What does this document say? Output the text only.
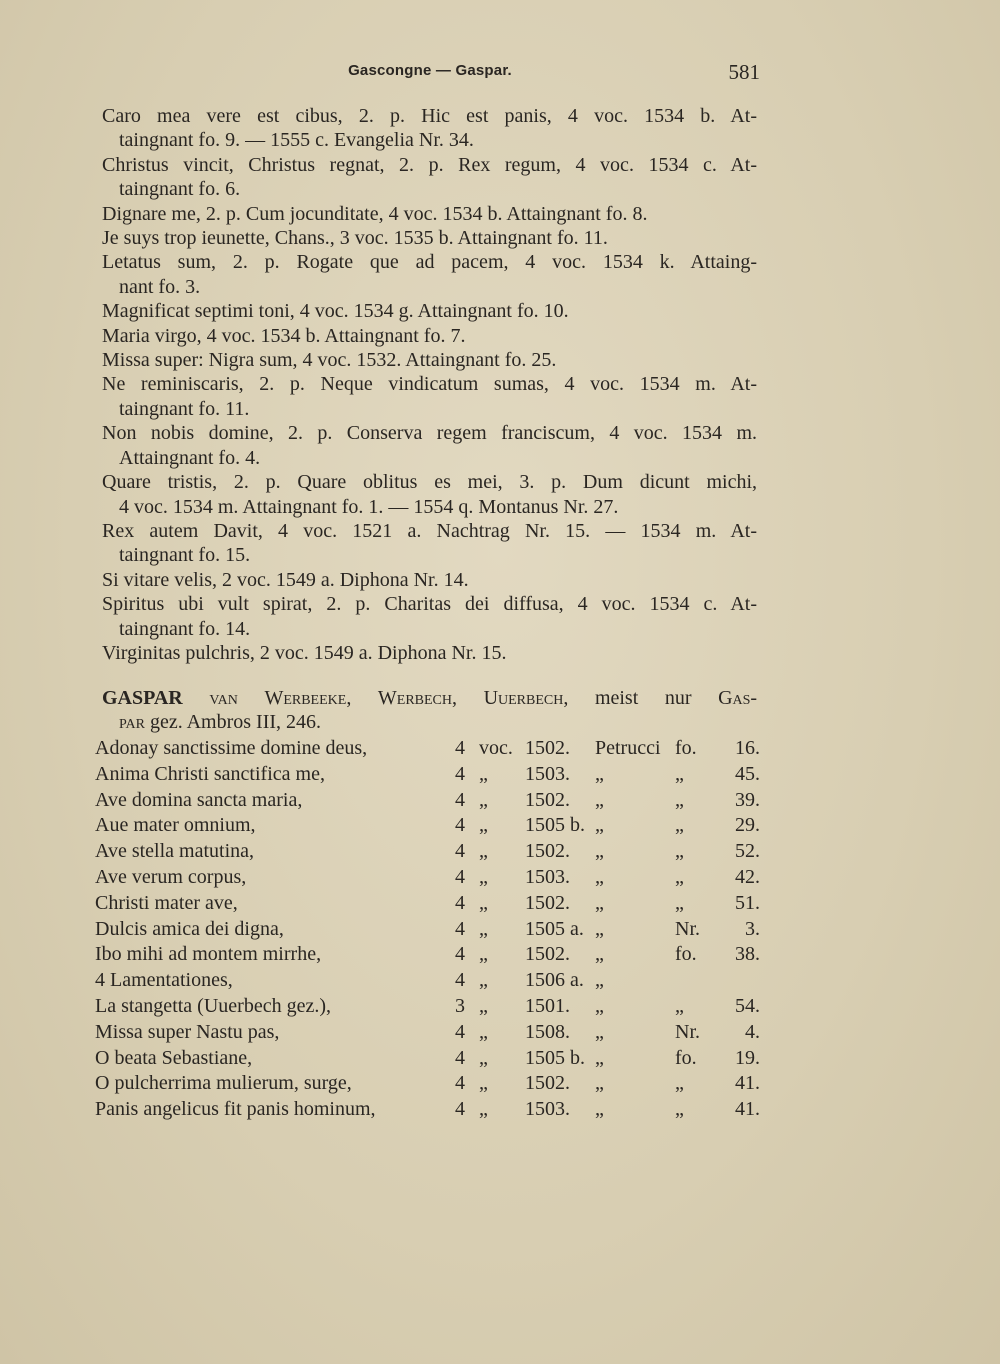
Gascongne — Gaspar.	581
Caro mea vere est cibus, 2. p. Hic est panis, 4 voc. 1534 b. At-
taingnant fo. 9. — 1555 c. Evangelia Nr. 34.
Christus vincit, Christus regnat, 2. p. Rex regum, 4 voc. 1534 c. At-
taingnant fo. 6.
Dignare me, 2. p. Cum jocunditate, 4 voc. 1534 b. Attaingnant fo. 8.
Je suys trop ieunette, Chans., 3 voc. 1535 b. Attaingnant fo. 11.
Letatus sum, 2. p. Rogate que ad pacem, 4 voc. 1534 k. Attaing-
nant fo. 3.
Magnificat septimi toni, 4 voc. 1534 g. Attaingnant fo. 10.
Maria virgo, 4 voc. 1534 b. Attaingnant fo. 7.
Missa super: Nigra sum, 4 voc. 1532. Attaingnant fo. 25.
Ne reminiscaris, 2. p. Neque vindicatum sumas, 4 voc. 1534 m. At-
taingnant fo. 11.
Non nobis domine, 2. p. Conserva regem franciscum, 4 voc. 1534 m.
Attaingnant fo. 4.
Quare tristis, 2. p. Quare oblitus es mei, 3. p. Dum dicunt michi,
4 voc. 1534 m. Attaingnant fo. 1. — 1554 q. Montanus Nr. 27.
Rex autem Davit, 4 voc. 1521 a. Nachtrag Nr. 15. — 1534 m. At-
taingnant fo. 15.
Si vitare velis, 2 voc. 1549 a. Diphona Nr. 14.
Spiritus ubi vult spirat, 2. p. Charitas dei diffusa, 4 voc. 1534 c. At-
taingnant fo. 14.
Virginitas pulchris, 2 voc. 1549 a. Diphona Nr. 15.
GASPAR van Werbeeke, Werbech, Uuerbech, meist nur Gas-
par gez. Ambros III, 246.
Adonay sanctissime domine deus,	4 voc. 1502. Petrucci fo. 16.
Anima Christi sanctifica me,	4 „ 1503. „	„	45.
Ave domina sancta maria,	4 „ 1502. „	„	39.
Aue mater omnium,	4 „ 1505 b. „	„	29.
Ave stella matutina,	4 „ 1502. „	„	52.
Ave verum corpus,	4 „ 1503. „	„	42.
Christi mater ave,	4 „ 1502. „	„	51.
Dulcis amica dei digna,	4 „ 1505 a. „	Nr. 3.
Ibo mihi ad montem mirrhe,	4 „ 1502. „	fo. 38.
4 Lamentationes,	4 „ 1506 a. „
La stangetta (Uuerbech gez.),	3 „ 1501. „	„	54.
Missa super Nastu pas,	4 „ 1508. „	Nr. 4.
O beata Sebastiane,	4 „ 1505 b. „	fo. 19.
O pulcherrima mulierum, surge,	4 „ 1502. „	„	41.
Panis angelicus fit panis hominum,	4 „ 1503. „	„	41.
